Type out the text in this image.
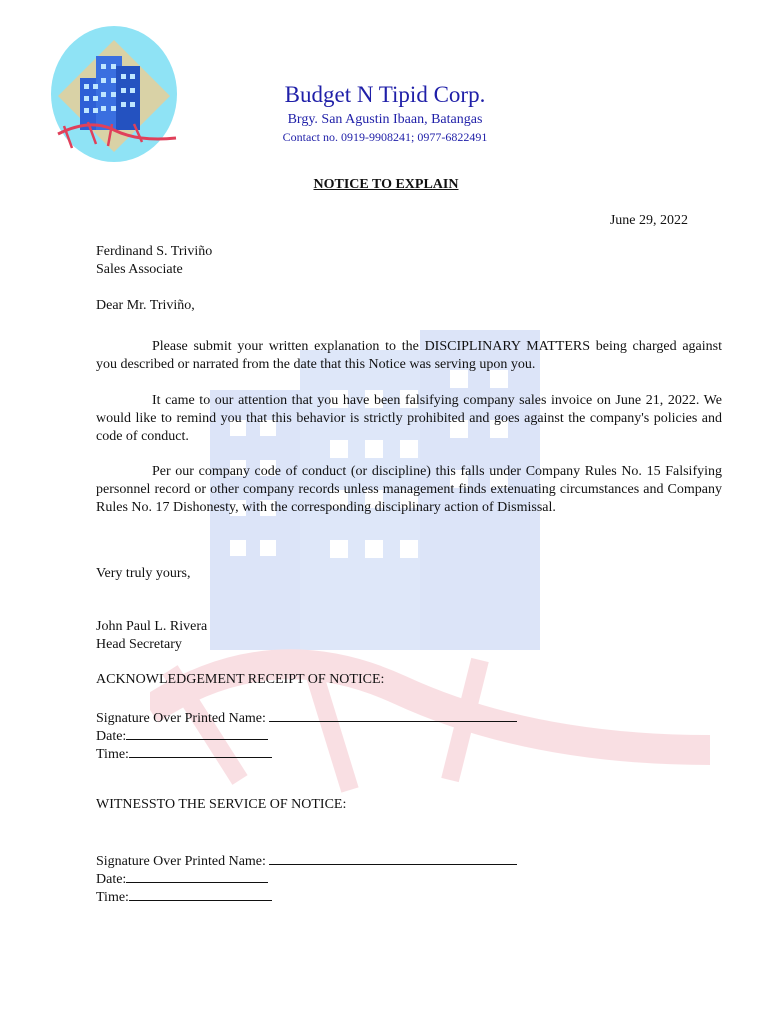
Budget N Tipid Corp.
Brgy. San Agustin Ibaan, Batangas
Contact no. 0919-9908241; 0977-6822491
NOTICE TO EXPLAIN
June 29, 2022
Ferdinand S. Triviño
Sales Associate
Dear Mr. Triviño,
Please submit your written explanation to the DISCIPLINARY MATTERS being charged against you described or narrated from the date that this Notice was serving upon you.
It came to our attention that you have been falsifying company sales invoice on June 21, 2022. We would like to remind you that this behavior is strictly prohibited and goes against the company's policies and code of conduct.
Per our company code of conduct (or discipline) this falls under Company Rules No. 15 Falsifying personnel record or other company records unless management finds extenuating circumstances and Company Rules No. 17 Dishonesty, with the corresponding disciplinary action of Dismissal.
Very truly yours,
John Paul L. Rivera
Head Secretary
ACKNOWLEDGEMENT RECEIPT OF NOTICE:
Signature Over Printed Name:
Date:
Time:
WITNESSTO THE SERVICE OF NOTICE:
Signature Over Printed Name:
Date:
Time:
